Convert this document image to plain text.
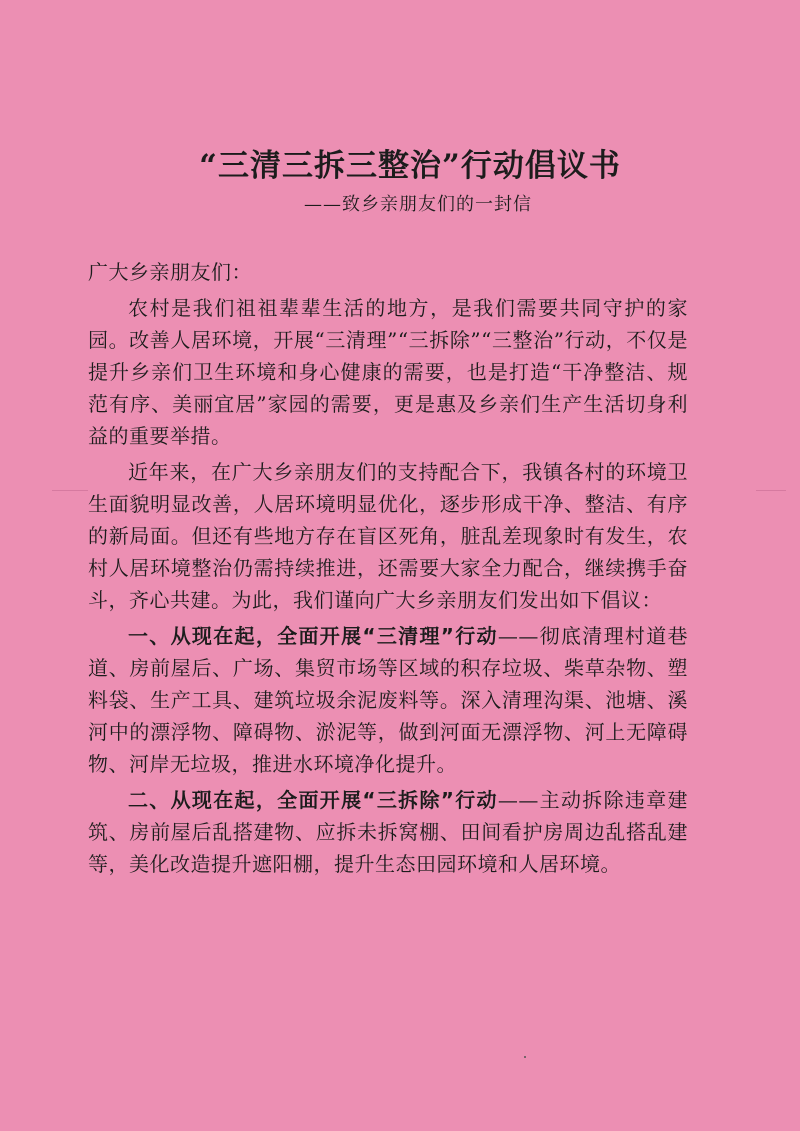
“三清三拆三整治”行动倡议书
——致乡亲朋友们的一封信

广大乡亲朋友们：

农村是我们祖祖辈辈生活的地方，是我们需要共同守护的家园。改善人居环境，开展“三清理”“三拆除”“三整治”行动，不仅是提升乡亲们卫生环境和身心健康的需要，也是打造“干净整洁、规范有序、美丽宜居”家园的需要，更是惠及乡亲们生产生活切身利益的重要举措。

近年来，在广大乡亲朋友们的支持配合下，我镇各村的环境卫生面貌明显改善，人居环境明显优化，逐步形成干净、整洁、有序的新局面。但还有些地方存在盲区死角，脏乱差现象时有发生，农村人居环境整治仍需持续推进，还需要大家全力配合，继续携手奋斗，齐心共建。为此，我们谨向广大乡亲朋友们发出如下倡议：

一、从现在起，全面开展“三清理”行动——彻底清理村道巷道、房前屋后、广场、集贸市场等区域的积存垃圾、柴草杂物、塑料袋、生产工具、建筑垃圾余泥废料等。深入清理沟渠、池塘、溪河中的漂浮物、障碍物、淤泥等，做到河面无漂浮物、河上无障碍物、河岸无垃圾，推进水环境净化提升。

二、从现在起，全面开展“三拆除”行动——主动拆除违章建筑、房前屋后乱搭建物、应拆未拆窝棚、田间看护房周边乱搭乱建等，美化改造提升遮阳棚，提升生态田园环境和人居环境。
